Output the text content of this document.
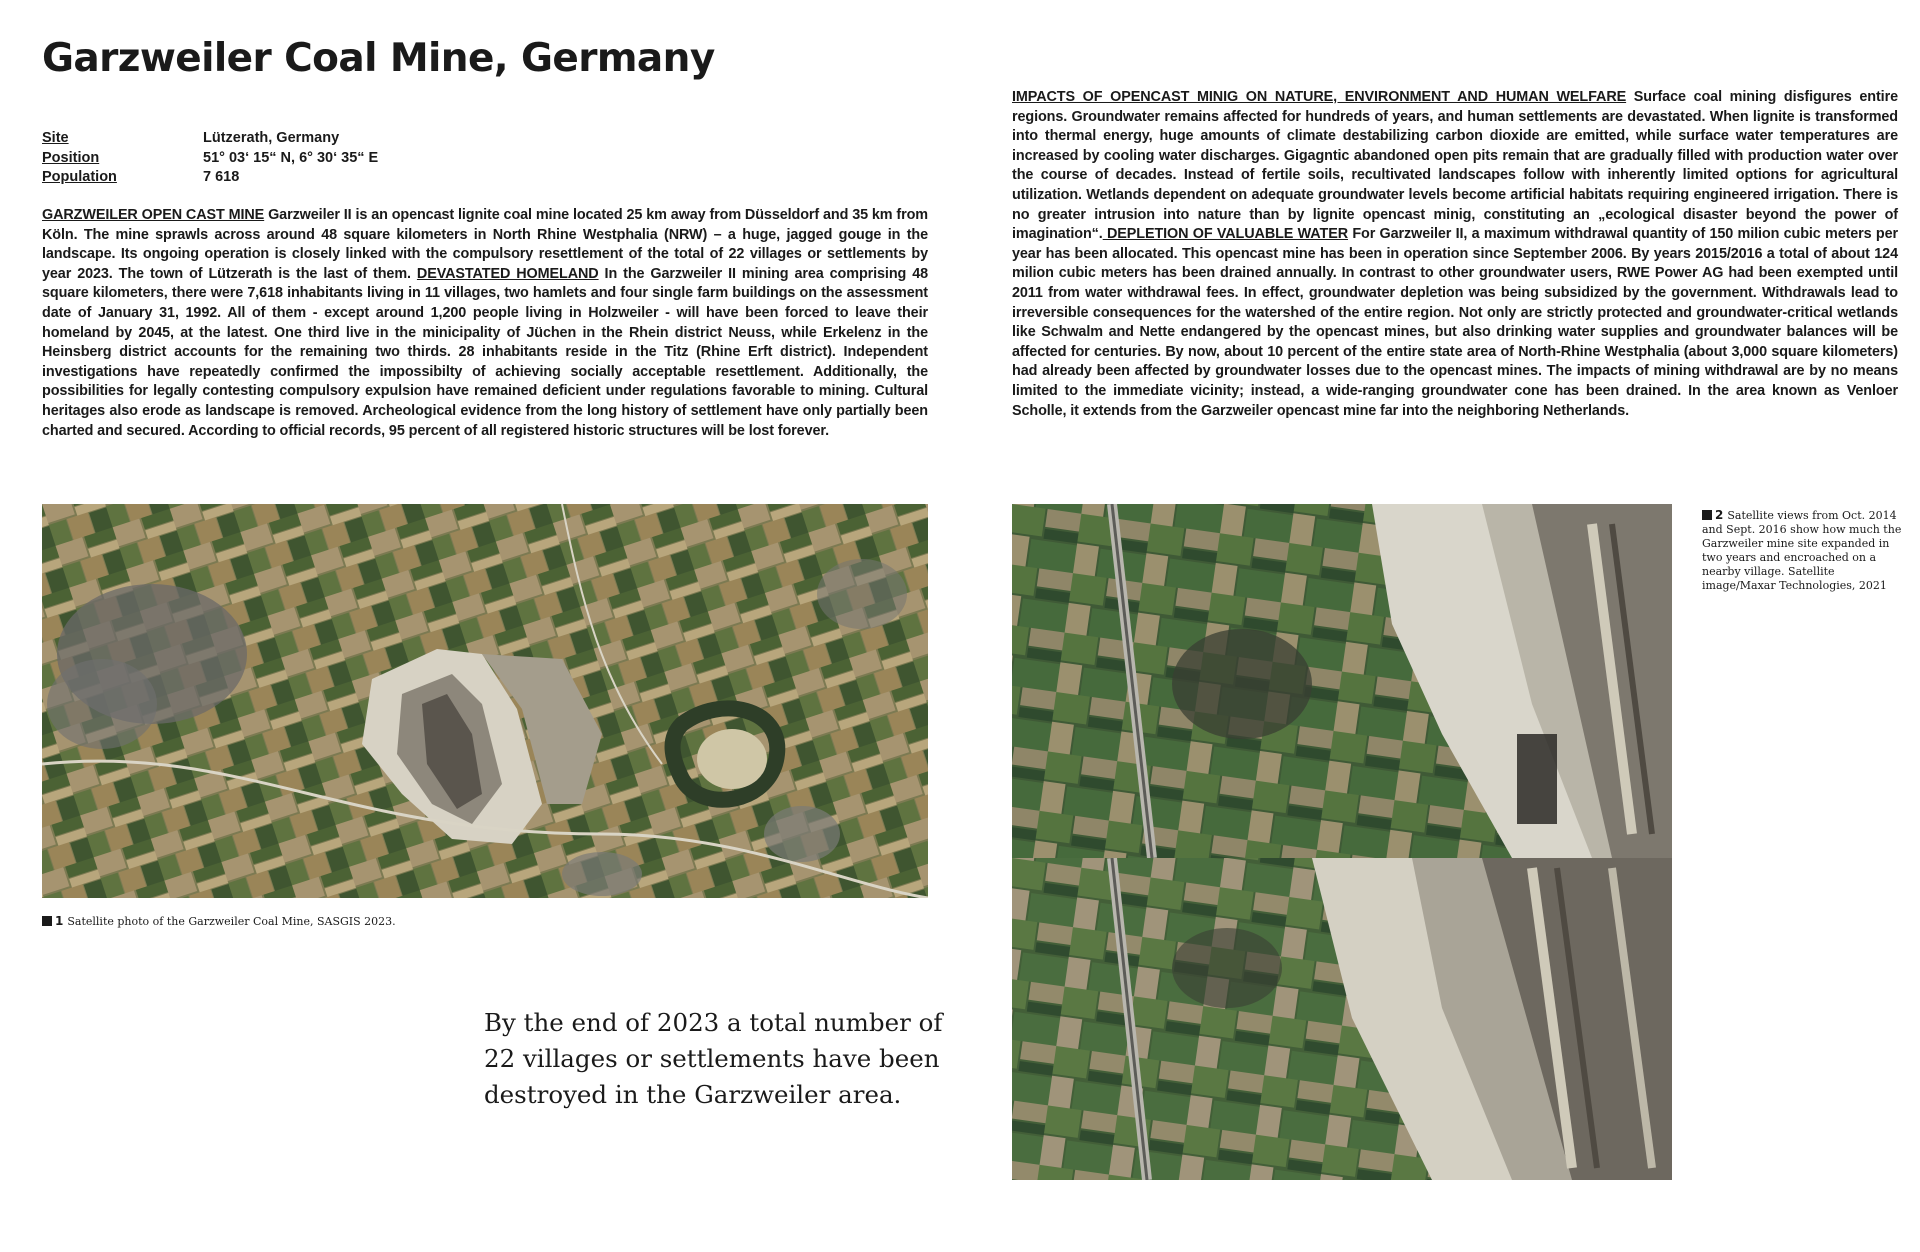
Garzweiler Coal Mine, Germany
Site	Lützerath, Germany
Position	51° 03‘ 15“ N, 6° 30‘ 35“ E
Population	7 618
GARZWEILER OPEN CAST MINE Garzweiler II is an opencast lignite coal mine located 25 km away from Düsseldorf and 35 km from Köln. The mine sprawls across around 48 square kilometers in North Rhine Westphalia (NRW) – a huge, jagged gouge in the landscape. Its ongoing operation is closely linked with the compulsory resettlement of the total of 22 villages or settlements by year 2023. The town of Lützerath is the last of them. DEVASTATED HOMELAND In the Garzweiler II mining area comprising 48 square kilometers, there were 7,618 inhabitants living in 11 villages, two hamlets and four single farm buildings on the assessment date of January 31, 1992. All of them - except around 1,200 people living in Holzweiler - will have been forced to leave their homeland by 2045, at the latest. One third live in the minicipality of Jüchen in the Rhein district Neuss, while Erkelenz in the Heinsberg district accounts for the remaining two thirds. 28 inhabitants reside in the Titz (Rhine Erft district). Independent investigations have repeatedly confirmed the impossibilty of achieving socially acceptable resettlement. Additionally, the possibilities for legally contesting compulsory expulsion have remained deficient under regulations favorable to mining. Cultural heritages also erode as landscape is removed. Archeological evidence from the long history of settlement have only partially been charted and secured. According to official records, 95 percent of all registered historic structures will be lost forever.
IMPACTS OF OPENCAST MINIG ON NATURE, ENVIRONMENT AND HUMAN WELFARE Surface coal mining disfigures entire regions. Groundwater remains affected for hundreds of years, and human settlements are devastated. When lignite is transformed into thermal energy, huge amounts of climate destabilizing carbon dioxide are emitted, while surface water temperatures are increased by cooling water discharges. Gigagntic abandoned open pits remain that are gradually filled with production water over the course of decades. Instead of fertile soils, recultivated landscapes follow with inherently limited options for agricultural utilization. Wetlands dependent on adequate groundwater levels become artificial habitats requiring engineered irrigation. There is no greater intrusion into nature than by lignite opencast minig, constituting an „ecological disaster beyond the power of imagination“. DEPLETION OF VALUABLE WATER For Garzweiler II, a maximum withdrawal quantity of 150 milion cubic meters per year has been allocated. This opencast mine has been in operation since September 2006. By years 2015/2016 a total of about 124 milion cubic meters has been drained annually. In contrast to other groundwater users, RWE Power AG had been exempted until 2011 from water withdrawal fees. In effect, groundwater depletion was being subsidized by the government. Withdrawals lead to irreversible consequences for the watershed of the entire region. Not only are strictly protected and groundwater-critical wetlands like Schwalm and Nette endangered by the opencast mines, but also drinking water supplies and groundwater balances will be affected for centuries. By now, about 10 percent of the entire state area of North-Rhine Westphalia (about 3,000 square kilometers) had already been affected by groundwater losses due to the opencast mines. The impacts of mining withdrawal are by no means limited to the immediate vicinity; instead, a wide-ranging groundwater cone has been drained. In the area known as Venloer Scholle, it extends from the Garzweiler opencast mine far into the neighboring Netherlands.
1 Satellite photo of the Garzweiler Coal Mine, SASGIS 2023.
By the end of 2023 a total number of 22 villages or settlements have been destroyed in the Garzweiler area.
2 Satellite views from Oct. 2014 and Sept. 2016 show how much the Garzweiler mine site expanded in two years and encroached on a nearby village. Satellite image/Maxar Technologies, 2021
